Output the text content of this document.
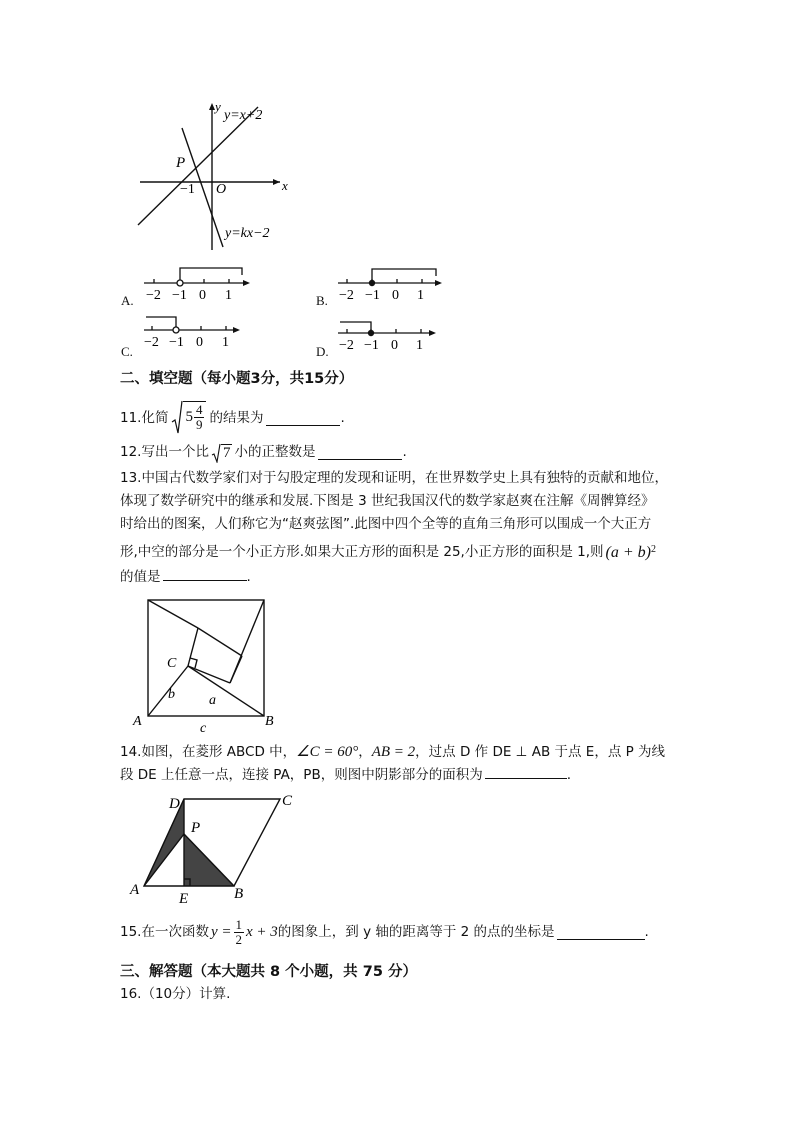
y
x
O
y=x+2
y=kx−2
P
−1
A. −2 −1 0 1	B. −2 −1 0 1
C.
−2 −1 0 1
D. −2 −1 0 1
二、填空题（每小题3分，共15分）
11.化简 $5 \frac{4}{9}$ 的结果为	.
12.写出一个比 7 小的正整数是	.
13.中国古代数学家们对于勾股定理的发现和证明，在世界数学史上具有独特的贡献和地位，
体现了数学研究中的继承和发展.下图是 3 世纪我国汉代的数学家赵爽在注解《周髀算经》
时给出的图案，人们称它为“赵爽弦图”.此图中四个全等的直角三角形可以围成一个大正方
形,中空的部分是一个小正方形.如果大正方形的面积是 25,小正方形的面积是 1,则 (a + b) 2
的值是	.
C
b a
c
A	B
14.如图，在菱形 ABCD 中，∠C = 60°，AB = 2，过点 D 作 DE ⊥ AB 于点 E，点 P 为线
段 DE 上任意一点，连接 PA，PB，则图中阴影部分的面积为	.
D	C
P
A
E	B
15.在一次函数 $y = \frac{1}{2}$ x + 3 的图象上，到 y 轴的距离等于 2 的点的坐标是	.
三、解答题（本大题共 8 个小题，共 75 分）
16.（10分）计算.
